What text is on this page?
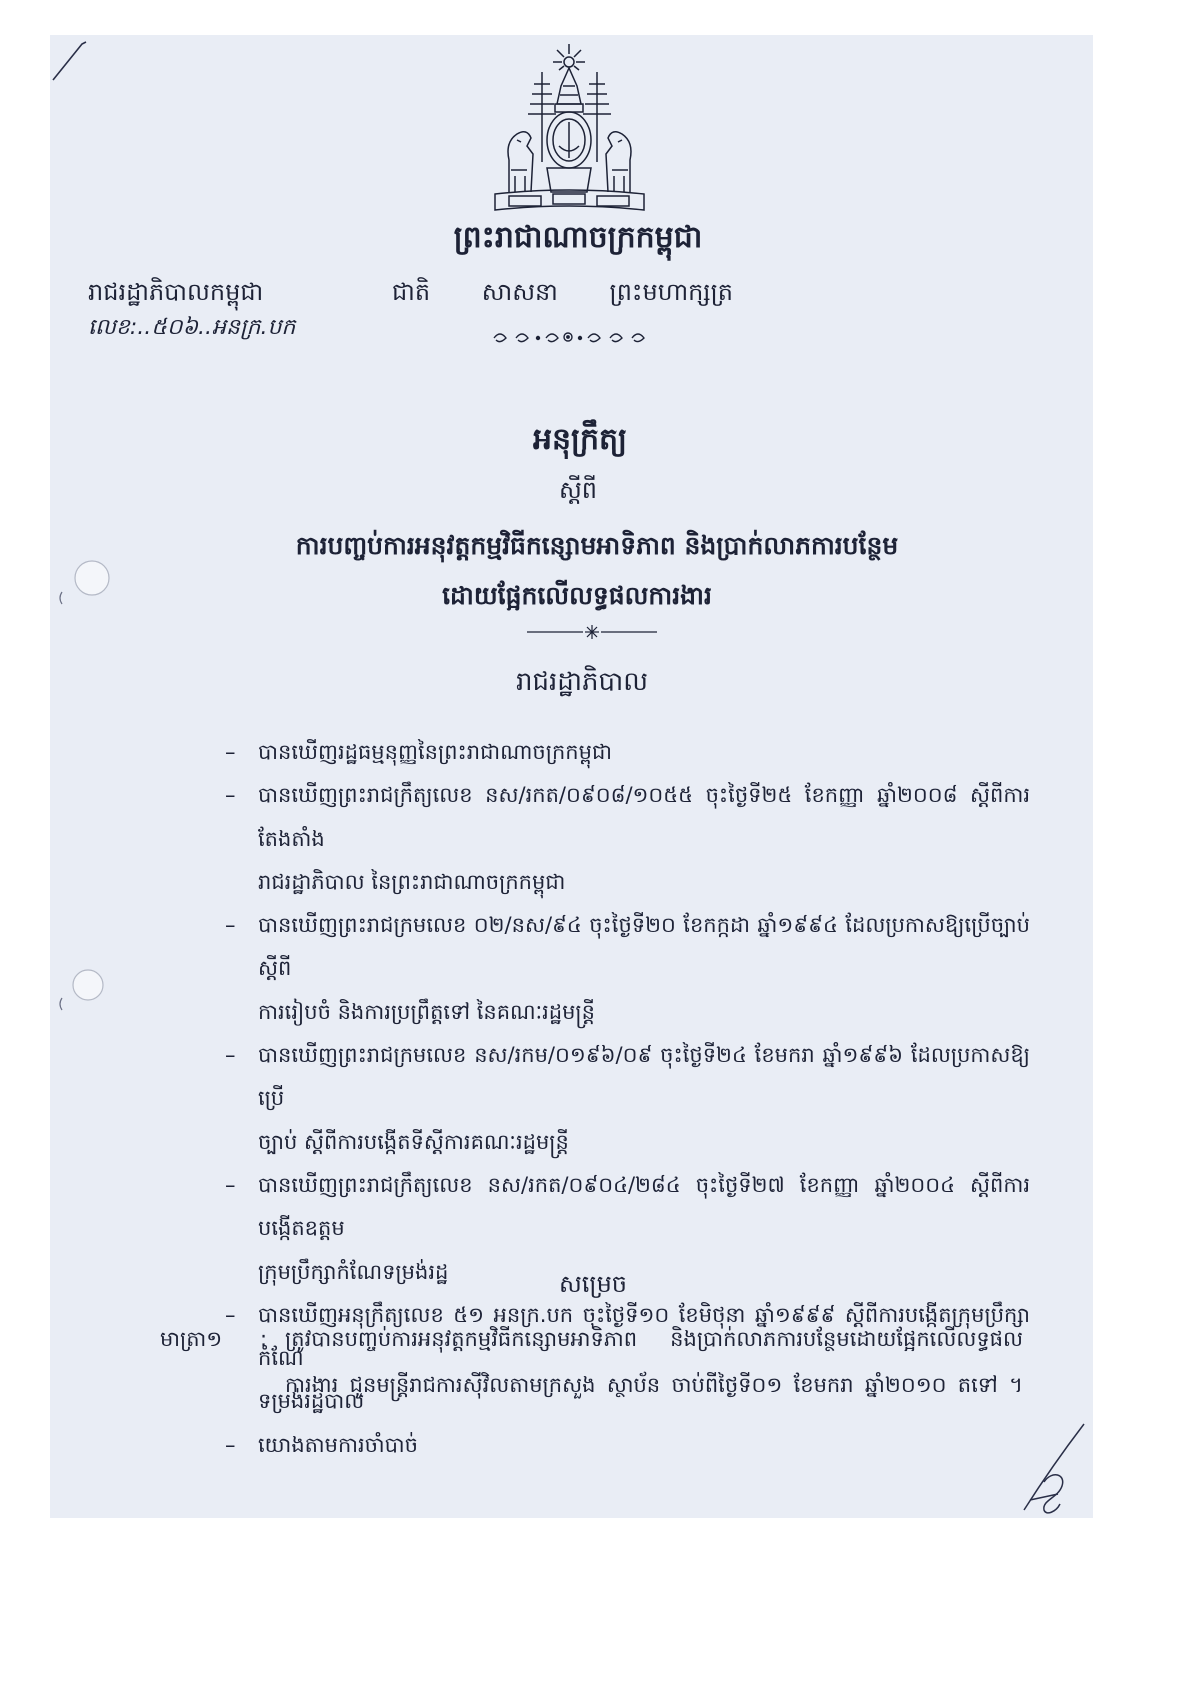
ព្រះរាជាណាចក្រកម្ពុជា
រាជរដ្ឋាភិបាលកម្ពុជា	ជាតិ សាសនា ព្រះមហាក្សត្រ
លេខ:..៥០៦..អនក្រ.បក
អនុក្រឹត្យ
ស្តីពី
ការបញ្ចប់ការអនុវត្តកម្មវិធីកន្សោមអាទិភាព និងប្រាក់លាភការបន្ថែម
ដោយផ្អែកលើលទ្ធផលការងារ
រាជរដ្ឋាភិបាល
–	បានឃើញរដ្ឋធម្មនុញ្ញនៃព្រះរាជាណាចក្រកម្ពុជា
–	បានឃើញព្រះរាជក្រឹត្យលេខ នស/រកត/០៩០៨/១០៥៥ ចុះថ្ងៃទី២៥ ខែកញ្ញា ឆ្នាំ២០០៨ ស្តីពីការតែងតាំង
រាជរដ្ឋាភិបាល នៃព្រះរាជាណាចក្រកម្ពុជា
–	បានឃើញព្រះរាជក្រមលេខ ០២/នស/៩៤ ចុះថ្ងៃទី២០ ខែកក្កដា ឆ្នាំ១៩៩៤ ដែលប្រកាសឱ្យប្រើច្បាប់ ស្តីពី
ការរៀបចំ និងការប្រព្រឹត្តទៅ នៃគណៈរដ្ឋមន្ត្រី
–	បានឃើញព្រះរាជក្រមលេខ នស/រកម/០១៩៦/០៩ ចុះថ្ងៃទី២៤ ខែមករា ឆ្នាំ១៩៩៦ ដែលប្រកាសឱ្យប្រើ
ច្បាប់ ស្តីពីការបង្កើតទីស្តីការគណៈរដ្ឋមន្ត្រី
–	បានឃើញព្រះរាជក្រឹត្យលេខ នស/រកត/០៩០៤/២៨៤ ចុះថ្ងៃទី២៧ ខែកញ្ញា ឆ្នាំ២០០៤ ស្តីពីការបង្កើតឧត្តម
ក្រុមប្រឹក្សាកំណែទម្រង់រដ្ឋ
–	បានឃើញអនុក្រឹត្យលេខ ៥១ អនក្រ.បក ចុះថ្ងៃទី១០ ខែមិថុនា ឆ្នាំ១៩៩៩ ស្តីពីការបង្កើតក្រុមប្រឹក្សាកំណែ
ទម្រង់រដ្ឋបាល
–	យោងតាមការចាំបាច់
សម្រេច
មាត្រា១	: ត្រូវបានបញ្ចប់ការអនុវត្តកម្មវិធីកន្សោមអាទិភាព និងប្រាក់លាភការបន្ថែមដោយផ្អែកលើលទ្ធផល
ការងារ ជូនមន្ត្រីរាជការស៊ីវិលតាមក្រសួង ស្ថាប័ន ចាប់ពីថ្ងៃទី០១ ខែមករា ឆ្នាំ២០១០ តទៅ ។
